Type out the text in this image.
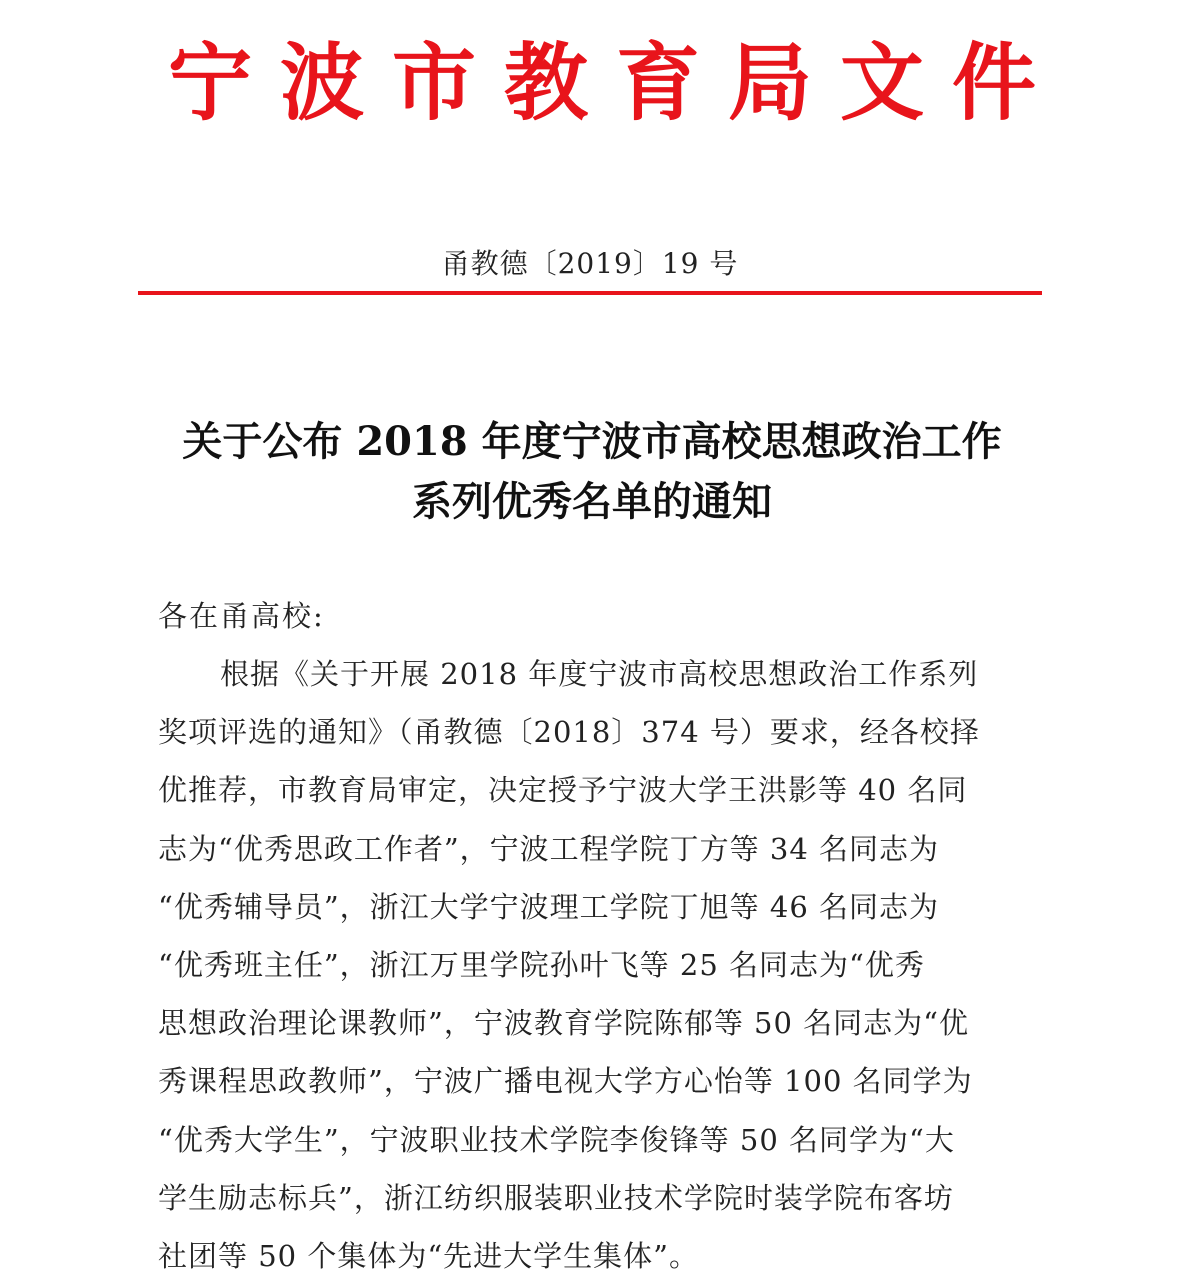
宁波市教育局文件
甬教德〔2019〕19 号
关于公布 2018 年度宁波市高校思想政治工作
系列优秀名单的通知
各在甬高校:
根据《关于开展 2018 年度宁波市高校思想政治工作系列
奖项评选的通知》（甬教德〔2018〕374 号）要求，经各校择
优推荐，市教育局审定，决定授予宁波大学王洪影等 40 名同
志为“优秀思政工作者”，宁波工程学院丁方等 34 名同志为
“优秀辅导员”，浙江大学宁波理工学院丁旭等 46 名同志为
“优秀班主任”，浙江万里学院孙叶飞等 25 名同志为“优秀
思想政治理论课教师”，宁波教育学院陈郁等 50 名同志为“优
秀课程思政教师”，宁波广播电视大学方心怡等 100 名同学为
“优秀大学生”，宁波职业技术学院李俊锋等 50 名同学为“大
学生励志标兵”，浙江纺织服装职业技术学院时装学院布客坊
社团等 50 个集体为“先进大学生集体”。
